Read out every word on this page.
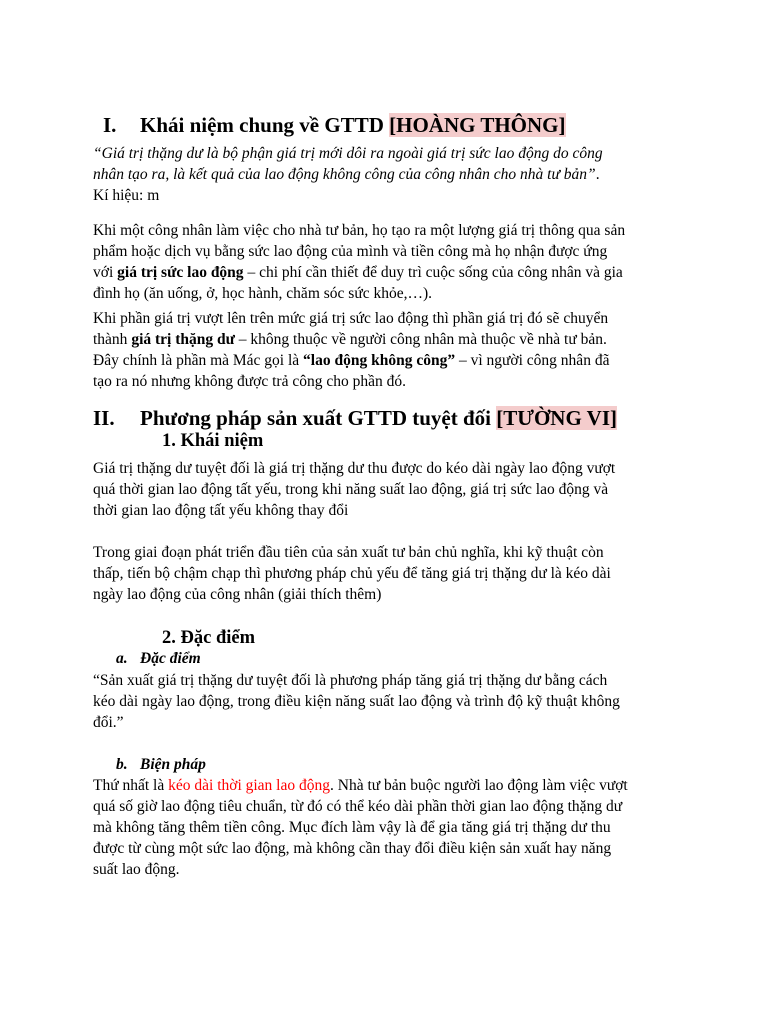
I. Khái niệm chung về GTTD [HOÀNG THÔNG]
“Giá trị thặng dư là bộ phận giá trị mới dôi ra ngoài giá trị sức lao động do công
nhân tạo ra, là kết quả của lao động không công của công nhân cho nhà tư bản”.
Kí hiệu: m
Khi một công nhân làm việc cho nhà tư bản, họ tạo ra một lượng giá trị thông qua sản
phẩm hoặc dịch vụ bằng sức lao động của mình và tiền công mà họ nhận được ứng
với giá trị sức lao động – chi phí cần thiết để duy trì cuộc sống của công nhân và gia
đình họ (ăn uống, ở, học hành, chăm sóc sức khỏe,…).
Khi phần giá trị vượt lên trên mức giá trị sức lao động thì phần giá trị đó sẽ chuyển
thành giá trị thặng dư – không thuộc về người công nhân mà thuộc về nhà tư bản.
Đây chính là phần mà Mác gọi là “lao động không công” – vì người công nhân đã
tạo ra nó nhưng không được trả công cho phần đó.
II. Phương pháp sản xuất GTTD tuyệt đối [TƯỜNG VI]
1. Khái niệm
Giá trị thặng dư tuyệt đối là giá trị thặng dư thu được do kéo dài ngày lao động vượt
quá thời gian lao động tất yếu, trong khi năng suất lao động, giá trị sức lao động và
thời gian lao động tất yếu không thay đổi
Trong giai đoạn phát triển đầu tiên của sản xuất tư bản chủ nghĩa, khi kỹ thuật còn
thấp, tiến bộ chậm chạp thì phương pháp chủ yếu để tăng giá trị thặng dư là kéo dài
ngày lao động của công nhân (giải thích thêm)
2. Đặc điểm
a. Đặc điểm
“Sản xuất giá trị thặng dư tuyệt đối là phương pháp tăng giá trị thặng dư bằng cách
kéo dài ngày lao động, trong điều kiện năng suất lao động và trình độ kỹ thuật không
đổi.”
b. Biện pháp
Thứ nhất là kéo dài thời gian lao động. Nhà tư bản buộc người lao động làm việc vượt
quá số giờ lao động tiêu chuẩn, từ đó có thể kéo dài phần thời gian lao động thặng dư
mà không tăng thêm tiền công. Mục đích làm vậy là để gia tăng giá trị thặng dư thu
được từ cùng một sức lao động, mà không cần thay đổi điều kiện sản xuất hay năng
suất lao động.
